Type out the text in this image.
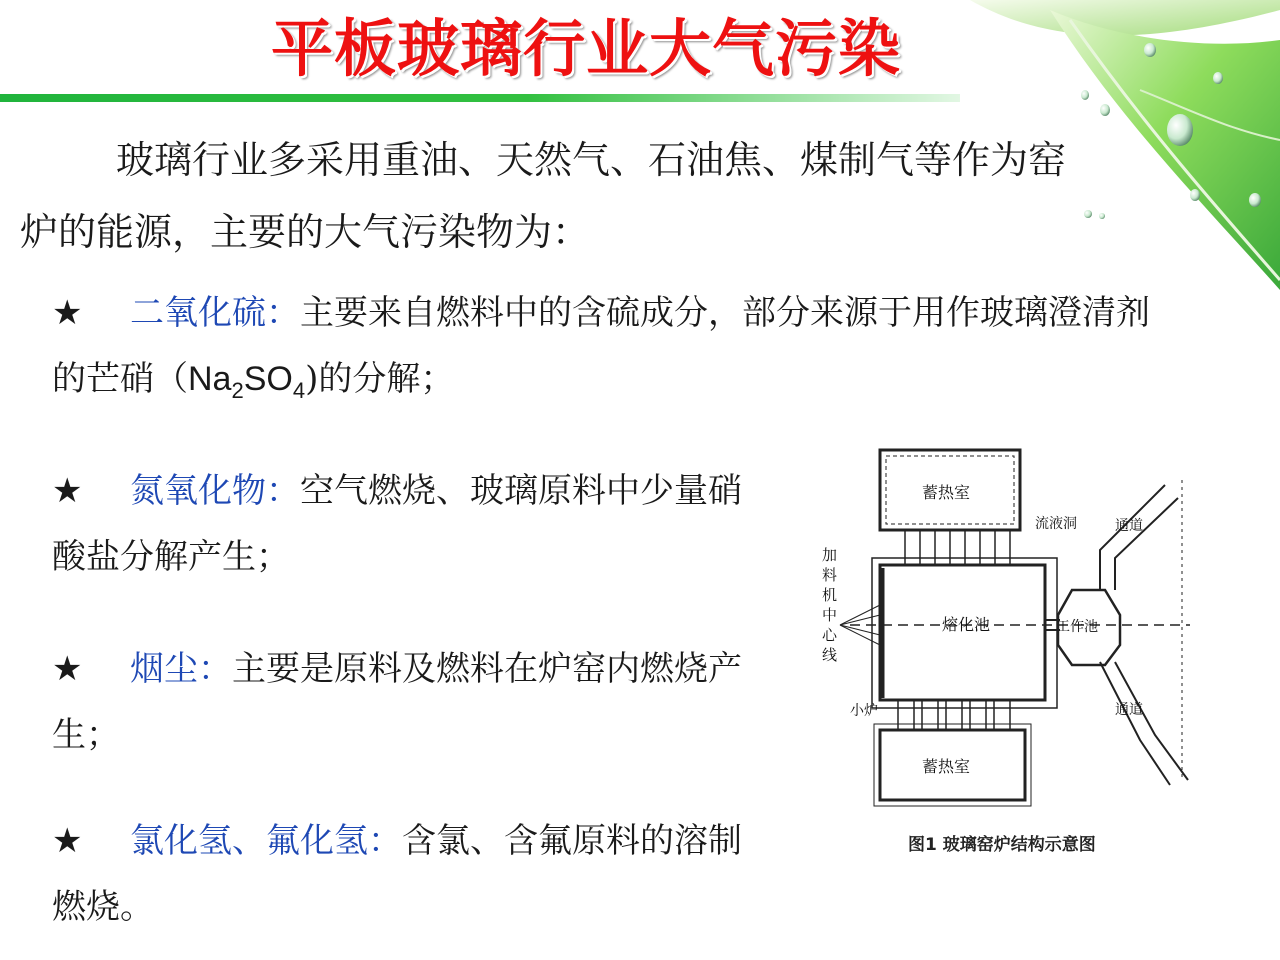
平板玻璃行业大气污染

玻璃行业多采用重油、天然气、石油焦、煤制气等作为窑炉的能源，主要的大气污染物为：

★ 二氧化硫：主要来自燃料中的含硫成分，部分来源于用作玻璃澄清剂的芒硝$(Na_2SO_4)$的分解；

★ 氮氧化物：空气燃烧、玻璃原料中少量硝酸盐分解产生；

★ 烟尘：主要是原料及燃料在炉窑内燃烧产生；

★ 氯化氢、氟化氢：含氯、含氟原料的溶制燃烧。

蓄热室
熔化池
蓄热室
流液洞
工作池
通道
通道
小炉
加
料
机
中
心
线
图1 玻璃窑炉结构示意图
